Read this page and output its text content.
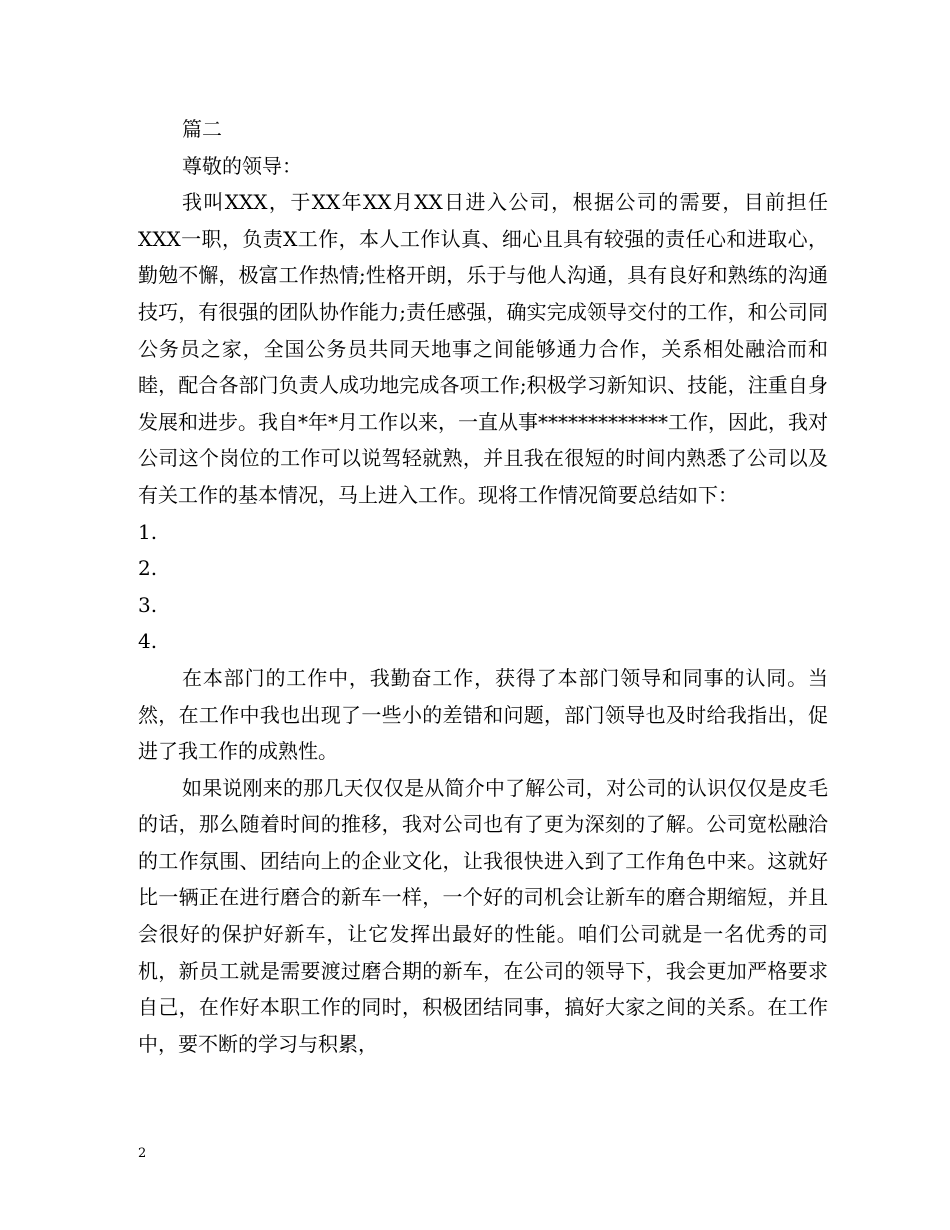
篇二

尊敬的领导：

我叫XXX，于XX年XX月XX日进入公司，根据公司的需要，目前担任XXX一职，负责X工作，本人工作认真、细心且具有较强的责任心和进取心，勤勉不懈，极富工作热情;性格开朗，乐于与他人沟通，具有良好和熟练的沟通技巧，有很强的团队协作能力;责任感强，确实完成领导交付的工作，和公司同公务员之家，全国公务员共同天地事之间能够通力合作，关系相处融洽而和睦，配合各部门负责人成功地完成各项工作;积极学习新知识、技能，注重自身发展和进步。我自*年*月工作以来，一直从事*************工作，因此，我对公司这个岗位的工作可以说驾轻就熟，并且我在很短的时间内熟悉了公司以及有关工作的基本情况，马上进入工作。现将工作情况简要总结如下：

1.

2.

3.

4.

在本部门的工作中，我勤奋工作，获得了本部门领导和同事的认同。当然，在工作中我也出现了一些小的差错和问题，部门领导也及时给我指出，促进了我工作的成熟性。

如果说刚来的那几天仅仅是从简介中了解公司，对公司的认识仅仅是皮毛的话，那么随着时间的推移，我对公司也有了更为深刻的了解。公司宽松融洽的工作氛围、团结向上的企业文化，让我很快进入到了工作角色中来。这就好比一辆正在进行磨合的新车一样，一个好的司机会让新车的磨合期缩短，并且会很好的保护好新车，让它发挥出最好的性能。咱们公司就是一名优秀的司机，新员工就是需要渡过磨合期的新车，在公司的领导下，我会更加严格要求自己，在作好本职工作的同时，积极团结同事，搞好大家之间的关系。在工作中，要不断的学习与积累，

2
